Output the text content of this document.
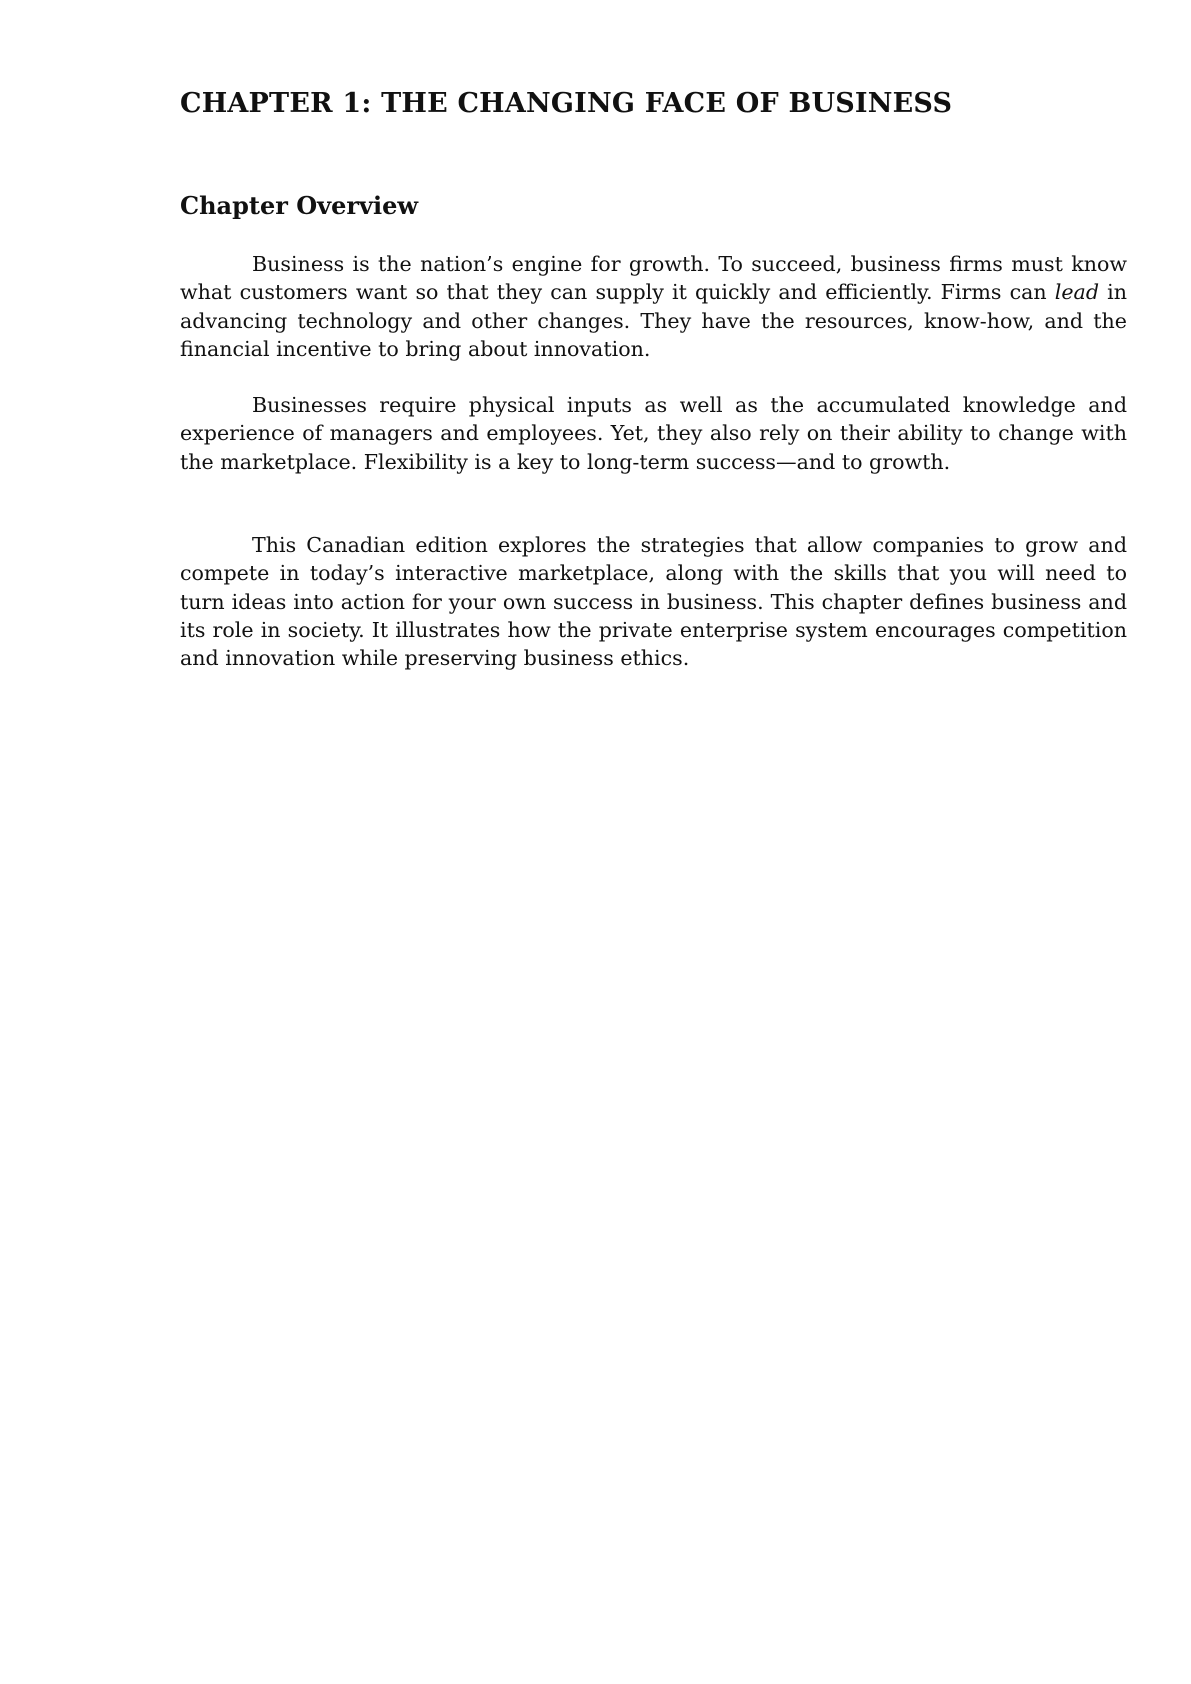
CHAPTER 1: THE CHANGING FACE OF BUSINESS
Chapter Overview

Business is the nation’s engine for growth. To succeed, business firms must know what customers want so that they can supply it quickly and efficiently. Firms can lead in advancing technology and other changes. They have the resources, know-how, and the financial incentive to bring about innovation.

Businesses require physical inputs as well as the accumulated knowledge and experience of managers and employees. Yet, they also rely on their ability to change with the marketplace. Flexibility is a key to long-term success—and to growth.

This Canadian edition explores the strategies that allow companies to grow and compete in today’s interactive marketplace, along with the skills that you will need to turn ideas into action for your own success in business. This chapter defines business and its role in society. It illustrates how the private enterprise system encourages competition and innovation while preserving business ethics.
